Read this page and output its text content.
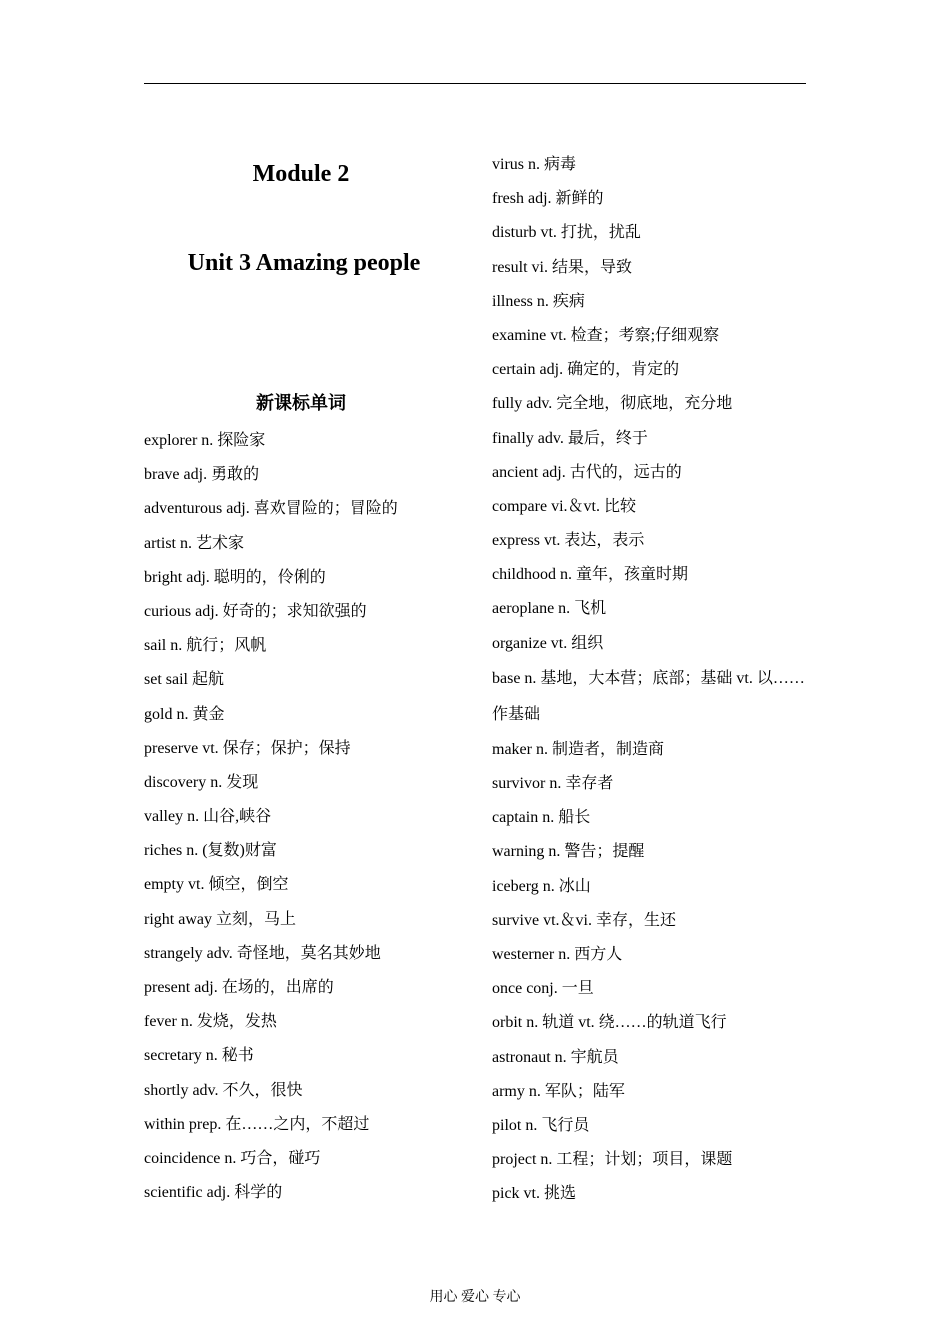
Module 2
Unit 3 Amazing people
新课标单词
explorer n. 探险家
brave adj. 勇敢的
adventurous adj. 喜欢冒险的；冒险的
artist n. 艺术家
bright adj. 聪明的，伶俐的
curious adj. 好奇的；求知欲强的
sail n. 航行；风帆
set sail 起航
gold n. 黄金
preserve vt. 保存；保护；保持
discovery n. 发现
valley n. 山谷,峡谷
riches n. (复数)财富
empty vt. 倾空，倒空
right away 立刻，马上
strangely adv. 奇怪地，莫名其妙地
present adj. 在场的，出席的
fever n. 发烧，发热
secretary n. 秘书
shortly adv. 不久，很快
within prep. 在……之内，不超过
coincidence n. 巧合，碰巧
scientific adj. 科学的
virus n. 病毒
fresh adj. 新鲜的
disturb vt. 打扰，扰乱
result vi. 结果，导致
illness n. 疾病
examine vt. 检查；考察;仔细观察
certain adj. 确定的，肯定的
fully adv. 完全地，彻底地，充分地
finally adv. 最后，终于
ancient adj. 古代的，远古的
compare vi.＆vt. 比较
express vt. 表达，表示
childhood n. 童年，孩童时期
aeroplane n. 飞机
organize vt. 组织
base n. 基地，大本营；底部；基础 vt. 以……作基础
maker n. 制造者，制造商
survivor n. 幸存者
captain n. 船长
warning n. 警告；提醒
iceberg n. 冰山
survive vt.＆vi. 幸存，生还
westerner n. 西方人
once conj. 一旦
orbit n. 轨道 vt. 绕……的轨道飞行
astronaut n. 宇航员
army n. 军队；陆军
pilot n. 飞行员
project n. 工程；计划；项目，课题
pick vt. 挑选
用心 爱心 专心
